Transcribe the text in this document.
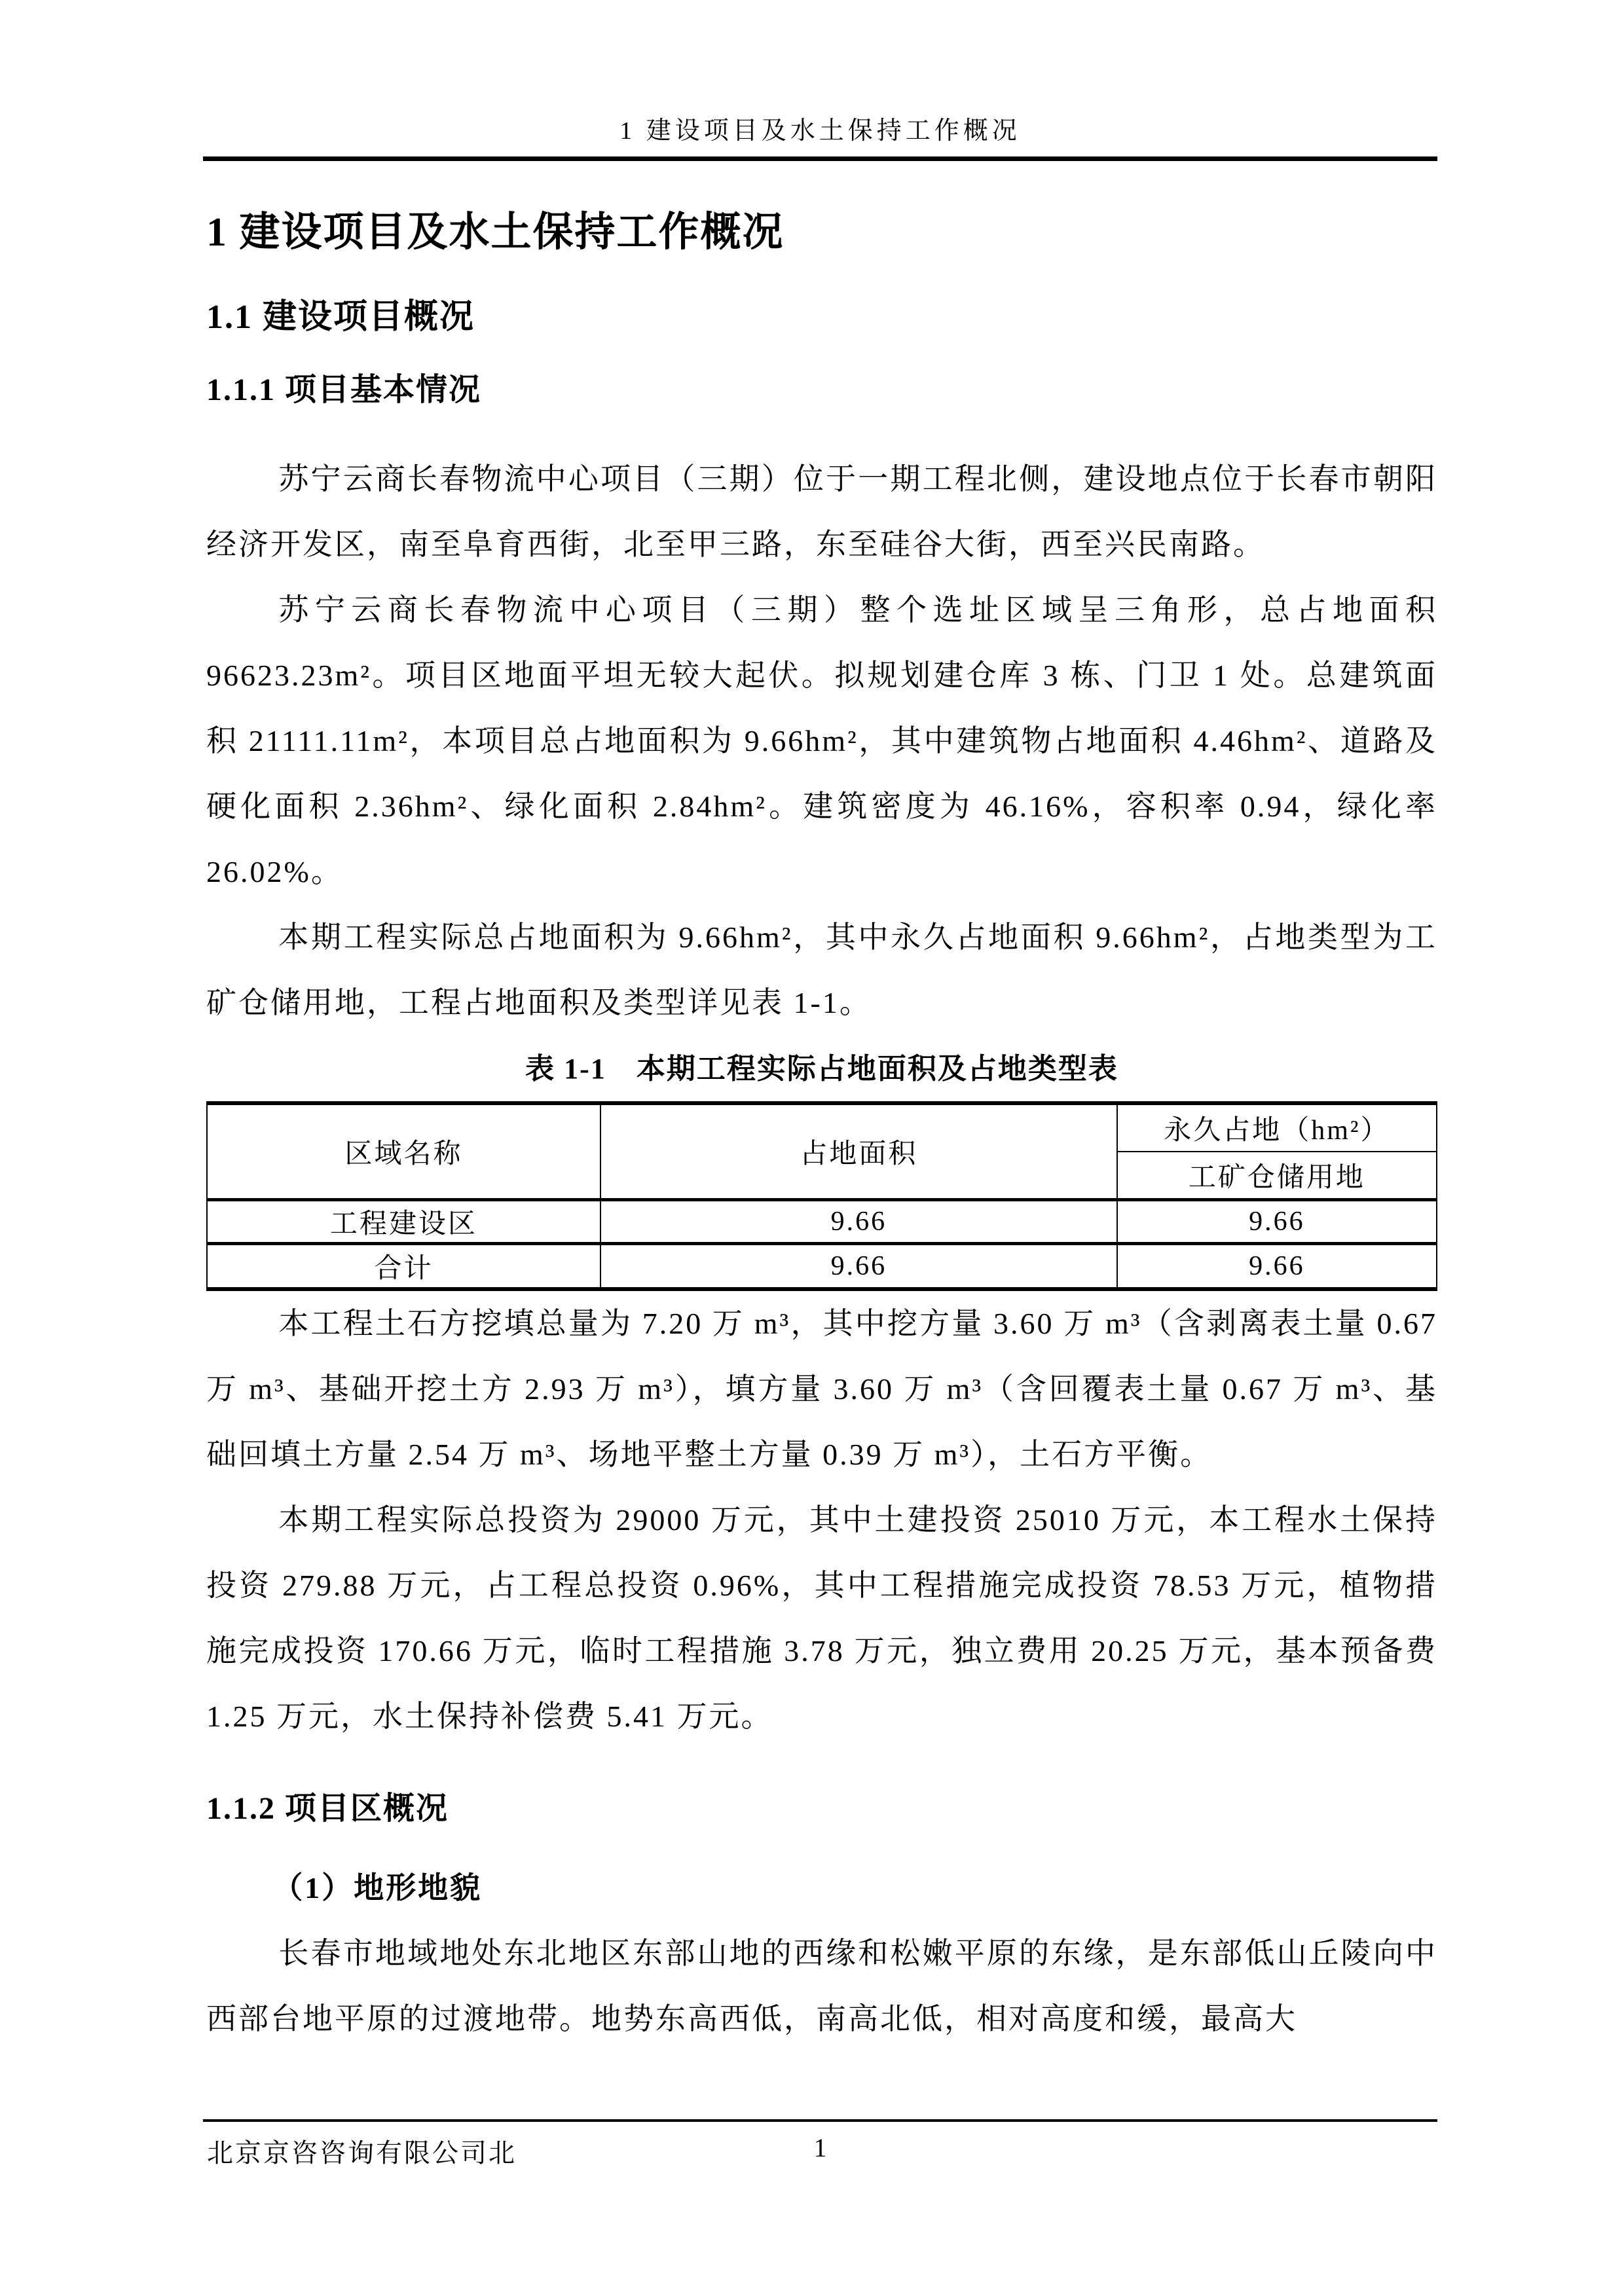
1 建设项目及水土保持工作概况
1 建设项目及水土保持工作概况
1.1 建设项目概况
1.1.1 项目基本情况

苏宁云商长春物流中心项目（三期）位于一期工程北侧，建设地点位于长春市朝阳经济开发区，南至阜育西街，北至甲三路，东至硅谷大街，西至兴民南路。

苏宁云商长春物流中心项目（三期）整个选址区域呈三角形，总占地面积96623.23m²。项目区地面平坦无较大起伏。拟规划建仓库 3 栋、门卫 1 处。总建筑面积 21111.11m²，本项目总占地面积为 9.66hm²，其中建筑物占地面积 4.46hm²、道路及硬化面积 2.36hm²、绿化面积 2.84hm²。建筑密度为 46.16%，容积率 0.94，绿化率 26.02%。

本期工程实际总占地面积为 9.66hm²，其中永久占地面积 9.66hm²，占地类型为工矿仓储用地，工程占地面积及类型详见表 1-1。

表 1-1　本期工程实际占地面积及占地类型表
区域名称	占地面积	永久占地（hm²）
		工矿仓储用地
工程建设区	9.66	9.66
合计	9.66	9.66

本工程土石方挖填总量为 7.20 万 m³，其中挖方量 3.60 万 m³（含剥离表土量 0.67 万 m³、基础开挖土方 2.93 万 m³），填方量 3.60 万 m³（含回覆表土量 0.67 万 m³、基础回填土方量 2.54 万 m³、场地平整土方量 0.39 万 m³），土石方平衡。

本期工程实际总投资为 29000 万元，其中土建投资 25010 万元，本工程水土保持投资 279.88 万元，占工程总投资 0.96%，其中工程措施完成投资 78.53 万元，植物措施完成投资 170.66 万元，临时工程措施 3.78 万元，独立费用 20.25 万元，基本预备费 1.25 万元，水土保持补偿费 5.41 万元。

1.1.2 项目区概况
（1）地形地貌

长春市地域地处东北地区东部山地的西缘和松嫩平原的东缘，是东部低山丘陵向中西部台地平原的过渡地带。地势东高西低，南高北低，相对高度和缓，最高大

北京京咨咨询有限公司北	1
